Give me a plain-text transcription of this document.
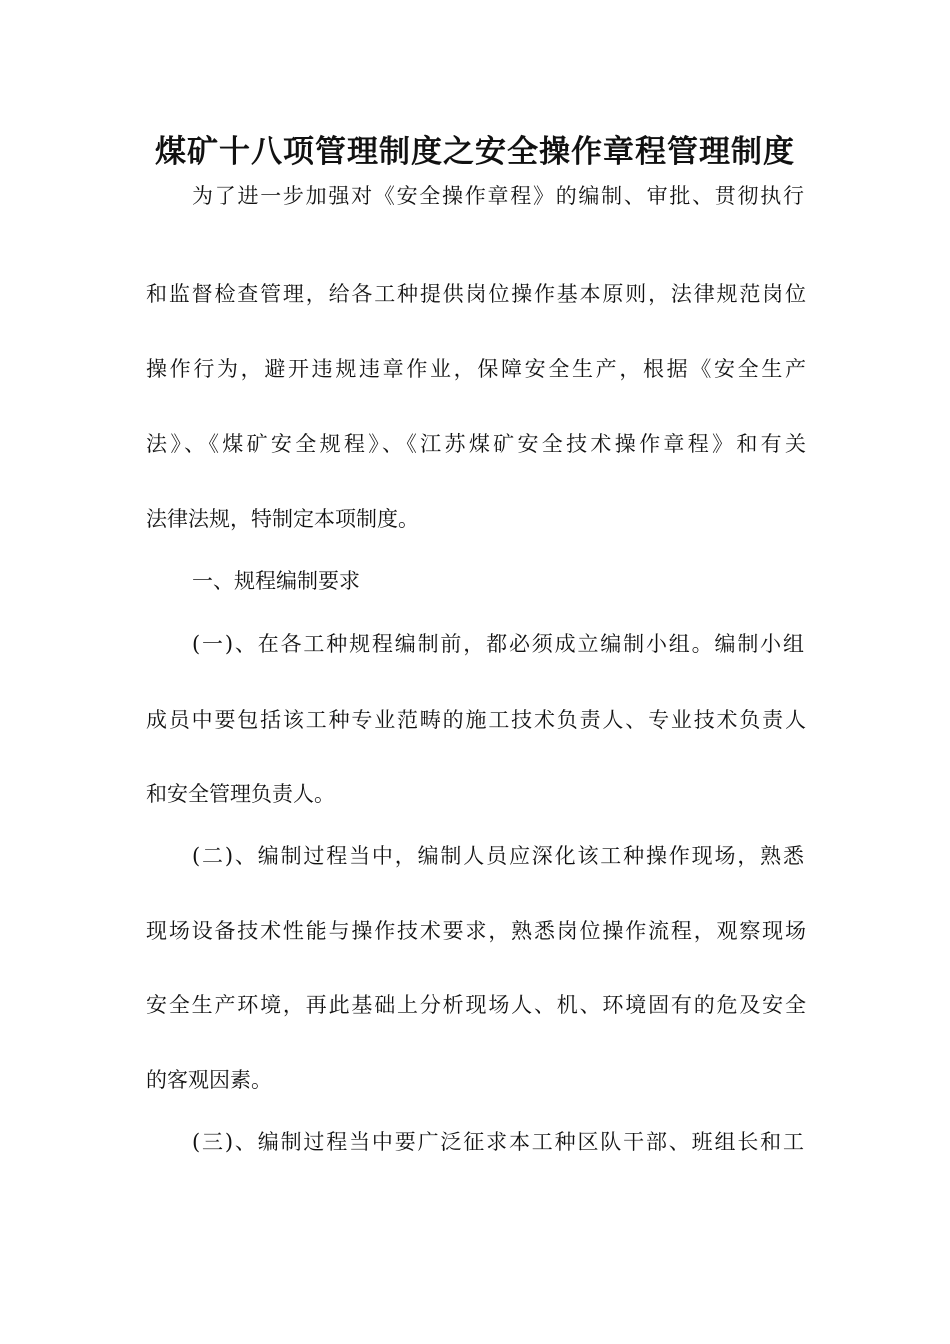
煤矿十八项管理制度之安全操作章程管理制度

为了进一步加强对《安全操作章程》的编制、审批、贯彻执行

和监督检查管理，给各工种提供岗位操作基本原则，法律规范岗位

操作行为，避开违规违章作业，保障安全生产，根据《安全生产

法》、《煤矿安全规程》、《江苏煤矿安全技术操作章程》和有关

法律法规，特制定本项制度。

一、规程编制要求

(一)、在各工种规程编制前，都必须成立编制小组。编制小组

成员中要包括该工种专业范畴的施工技术负责人、专业技术负责人

和安全管理负责人。

(二)、编制过程当中，编制人员应深化该工种操作现场，熟悉

现场设备技术性能与操作技术要求，熟悉岗位操作流程，观察现场

安全生产环境，再此基础上分析现场人、机、环境固有的危及安全

的客观因素。

(三)、编制过程当中要广泛征求本工种区队干部、班组长和工
